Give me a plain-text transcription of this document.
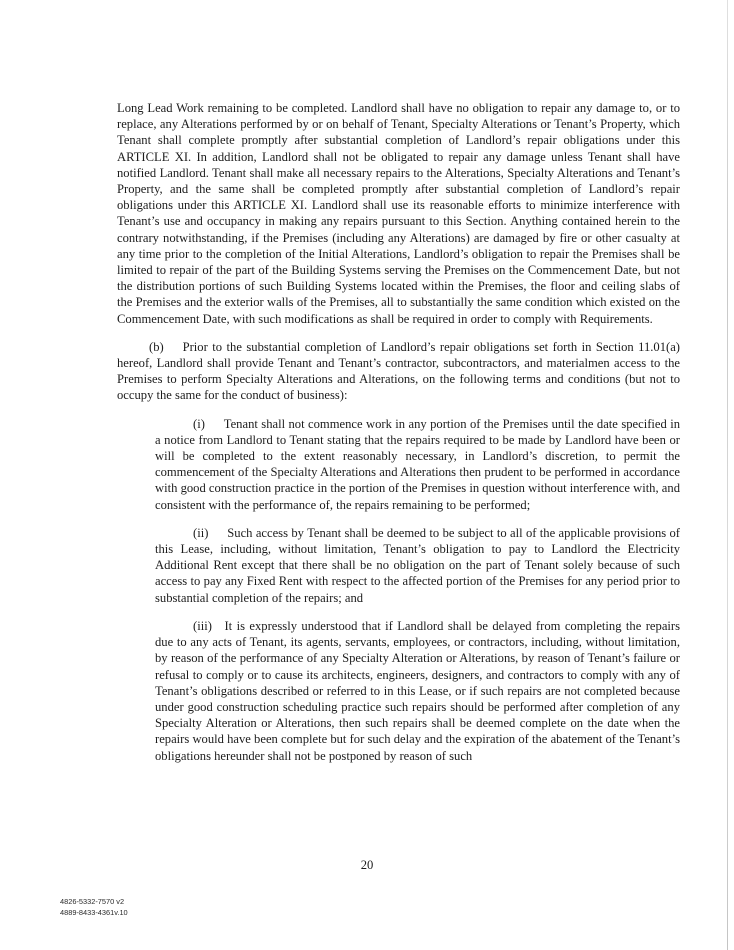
Long Lead Work remaining to be completed. Landlord shall have no obligation to repair any damage to, or to replace, any Alterations performed by or on behalf of Tenant, Specialty Alterations or Tenant’s Property, which Tenant shall complete promptly after substantial completion of Landlord’s repair obligations under this ARTICLE XI. In addition, Landlord shall not be obligated to repair any damage unless Tenant shall have notified Landlord. Tenant shall make all necessary repairs to the Alterations, Specialty Alterations and Tenant’s Property, and the same shall be completed promptly after substantial completion of Landlord’s repair obligations under this ARTICLE XI. Landlord shall use its reasonable efforts to minimize interference with Tenant’s use and occupancy in making any repairs pursuant to this Section. Anything contained herein to the contrary notwithstanding, if the Premises (including any Alterations) are damaged by fire or other casualty at any time prior to the completion of the Initial Alterations, Landlord’s obligation to repair the Premises shall be limited to repair of the part of the Building Systems serving the Premises on the Commencement Date, but not the distribution portions of such Building Systems located within the Premises, the floor and ceiling slabs of the Premises and the exterior walls of the Premises, all to substantially the same condition which existed on the Commencement Date, with such modifications as shall be required in order to comply with Requirements.

(b)  Prior to the substantial completion of Landlord’s repair obligations set forth in Section 11.01(a) hereof, Landlord shall provide Tenant and Tenant’s contractor, subcontractors, and materialmen access to the Premises to perform Specialty Alterations and Alterations, on the following terms and conditions (but not to occupy the same for the conduct of business):

(i)  Tenant shall not commence work in any portion of the Premises until the date specified in a notice from Landlord to Tenant stating that the repairs required to be made by Landlord have been or will be completed to the extent reasonably necessary, in Landlord’s discretion, to permit the commencement of the Specialty Alterations and Alterations then prudent to be performed in accordance with good construction practice in the portion of the Premises in question without interference with, and consistent with the performance of, the repairs remaining to be performed;

(ii)  Such access by Tenant shall be deemed to be subject to all of the applicable provisions of this Lease, including, without limitation, Tenant’s obligation to pay to Landlord the Electricity Additional Rent except that there shall be no obligation on the part of Tenant solely because of such access to pay any Fixed Rent with respect to the affected portion of the Premises for any period prior to substantial completion of the repairs; and

(iii) It is expressly understood that if Landlord shall be delayed from completing the repairs due to any acts of Tenant, its agents, servants, employees, or contractors, including, without limitation, by reason of the performance of any Specialty Alteration or Alterations, by reason of Tenant’s failure or refusal to comply or to cause its architects, engineers, designers, and contractors to comply with any of Tenant’s obligations described or referred to in this Lease, or if such repairs are not completed because under good construction scheduling practice such repairs should be performed after completion of any Specialty Alteration or Alterations, then such repairs shall be deemed complete on the date when the repairs would have been complete but for such delay and the expiration of the abatement of the Tenant’s obligations hereunder shall not be postponed by reason of such

20
4826-5332-7570 v2
4889-8433-4361v.10
